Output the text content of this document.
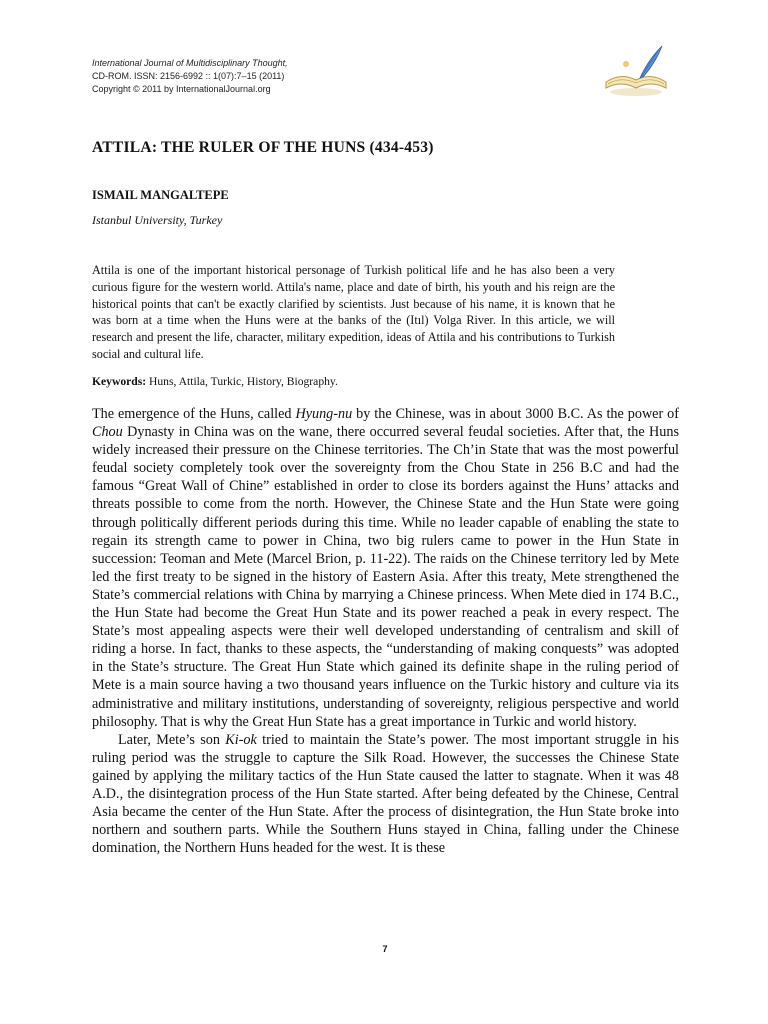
International Journal of Multidisciplinary Thought,
CD-ROM. ISSN: 2156-6992 :: 1(07):7–15 (2011)
Copyright © 2011 by InternationalJournal.org
ATTILA: THE RULER OF THE HUNS (434-453)
ISMAIL MANGALTEPE
Istanbul University, Turkey

Attila is one of the important historical personage of Turkish political life and he has also been a very curious figure for the western world. Attila's name, place and date of birth, his youth and his reign are the historical points that can't be exactly clarified by scientists. Just because of his name, it is known that he was born at a time when the Huns were at the banks of the (Itıl) Volga River. In this article, we will research and present the life, character, military expedition, ideas of Attila and his contributions to Turkish social and cultural life.

Keywords: Huns, Attila, Turkic, History, Biography.

The emergence of the Huns, called Hyung-nu by the Chinese, was in about 3000 B.C. As the power of Chou Dynasty in China was on the wane, there occurred several feudal societies. After that, the Huns widely increased their pressure on the Chinese territories. The Ch’in State that was the most powerful feudal society completely took over the sovereignty from the Chou State in 256 B.C and had the famous “Great Wall of Chine” established in order to close its borders against the Huns’ attacks and threats possible to come from the north. However, the Chinese State and the Hun State were going through politically different periods during this time. While no leader capable of enabling the state to regain its strength came to power in China, two big rulers came to power in the Hun State in succession: Teoman and Mete (Marcel Brion, p. 11-22). The raids on the Chinese territory led by Mete led the first treaty to be signed in the history of Eastern Asia. After this treaty, Mete strengthened the State’s commercial relations with China by marrying a Chinese princess. When Mete died in 174 B.C., the Hun State had become the Great Hun State and its power reached a peak in every respect. The State’s most appealing aspects were their well developed understanding of centralism and skill of riding a horse. In fact, thanks to these aspects, the “understanding of making conquests” was adopted in the State’s structure. The Great Hun State which gained its definite shape in the ruling period of Mete is a main source having a two thousand years influence on the Turkic history and culture via its administrative and military institutions, understanding of sovereignty, religious perspective and world philosophy. That is why the Great Hun State has a great importance in Turkic and world history.

Later, Mete’s son Ki-ok tried to maintain the State’s power. The most important struggle in his ruling period was the struggle to capture the Silk Road. However, the successes the Chinese State gained by applying the military tactics of the Hun State caused the latter to stagnate. When it was 48 A.D., the disintegration process of the Hun State started. After being defeated by the Chinese, Central Asia became the center of the Hun State. After the process of disintegration, the Hun State broke into northern and southern parts. While the Southern Huns stayed in China, falling under the Chinese domination, the Northern Huns headed for the west. It is these

7
